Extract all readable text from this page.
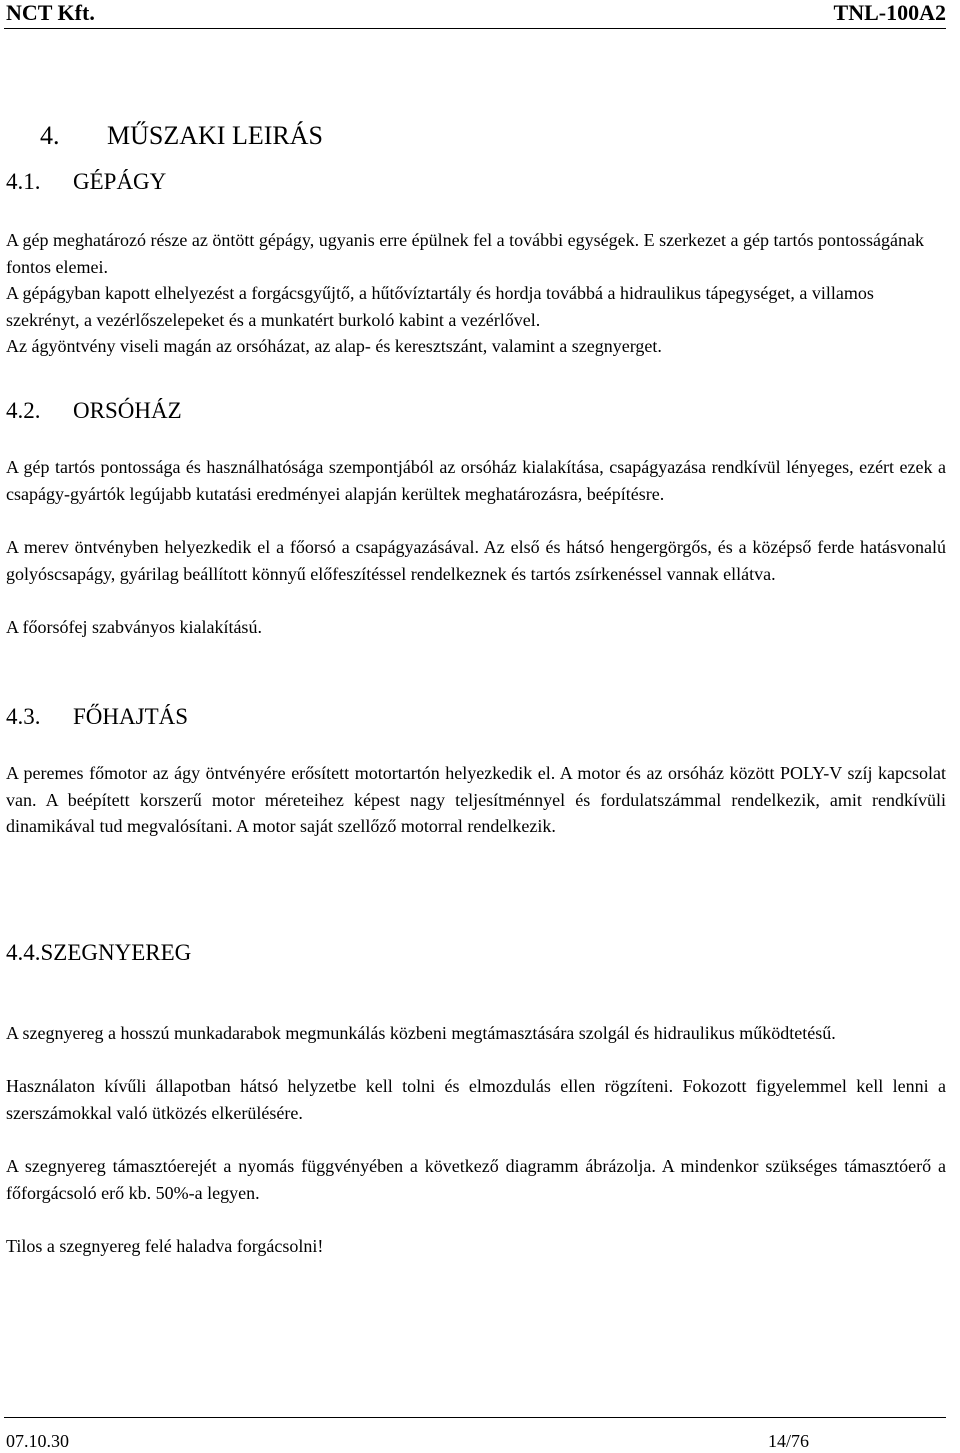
NCT Kft.	TNL-100A2
4. MŰSZAKI LEIRÁS
4.1. GÉPÁGY

A gép meghatározó része az öntött gépágy, ugyanis erre épülnek fel a további egységek. E szerkezet a gép tartós pontosságának fontos elemei.

A gépágyban kapott elhelyezést a forgácsgyűjtő, a hűtővíztartály és hordja továbbá a hidraulikus tápegységet, a villamos szekrényt, a vezérlőszelepeket és a munkatért burkoló kabint a vezérlővel.

Az ágyöntvény viseli magán az orsóházat, az alap- és keresztszánt, valamint a szegnyerget.

4.2. ORSÓHÁZ

A gép tartós pontossága és használhatósága szempontjából az orsóház kialakítása, csapágyazása rendkívül lényeges, ezért ezek a csapágy-gyártók legújabb kutatási eredményei alapján kerültek meghatározásra, beépítésre.

A merev öntvényben helyezkedik el a főorsó a csapágyazásával. Az első és hátsó hengergörgős, és a középső ferde hatásvonalú golyóscsapágy, gyárilag beállított könnyű előfeszítéssel rendelkeznek és tartós zsírkenéssel vannak ellátva.

A főorsófej szabványos kialakítású.

4.3. FŐHAJTÁS

A peremes főmotor az ágy öntvényére erősített motortartón helyezkedik el. A motor és az orsóház között POLY-V szíj kapcsolat van. A beépített korszerű motor méreteihez képest nagy teljesítménnyel és fordulatszámmal rendelkezik, amit rendkívüli dinamikával tud megvalósítani. A motor saját szellőző motorral rendelkezik.

4.4.SZEGNYEREG

A szegnyereg a hosszú munkadarabok megmunkálás közbeni megtámasztására szolgál és hidraulikus működtetésű.

Használaton kívűli állapotban hátsó helyzetbe kell tolni és elmozdulás ellen rögzíteni. Fokozott figyelemmel kell lenni a szerszámokkal való ütközés elkerülésére.

A szegnyereg támasztóerejét a nyomás függvényében a következő diagramm ábrázolja. A mindenkor szükséges támasztóerő a főforgácsoló erő kb. 50%-a legyen.

Tilos a szegnyereg felé haladva forgácsolni!

07.10.30	14/76
